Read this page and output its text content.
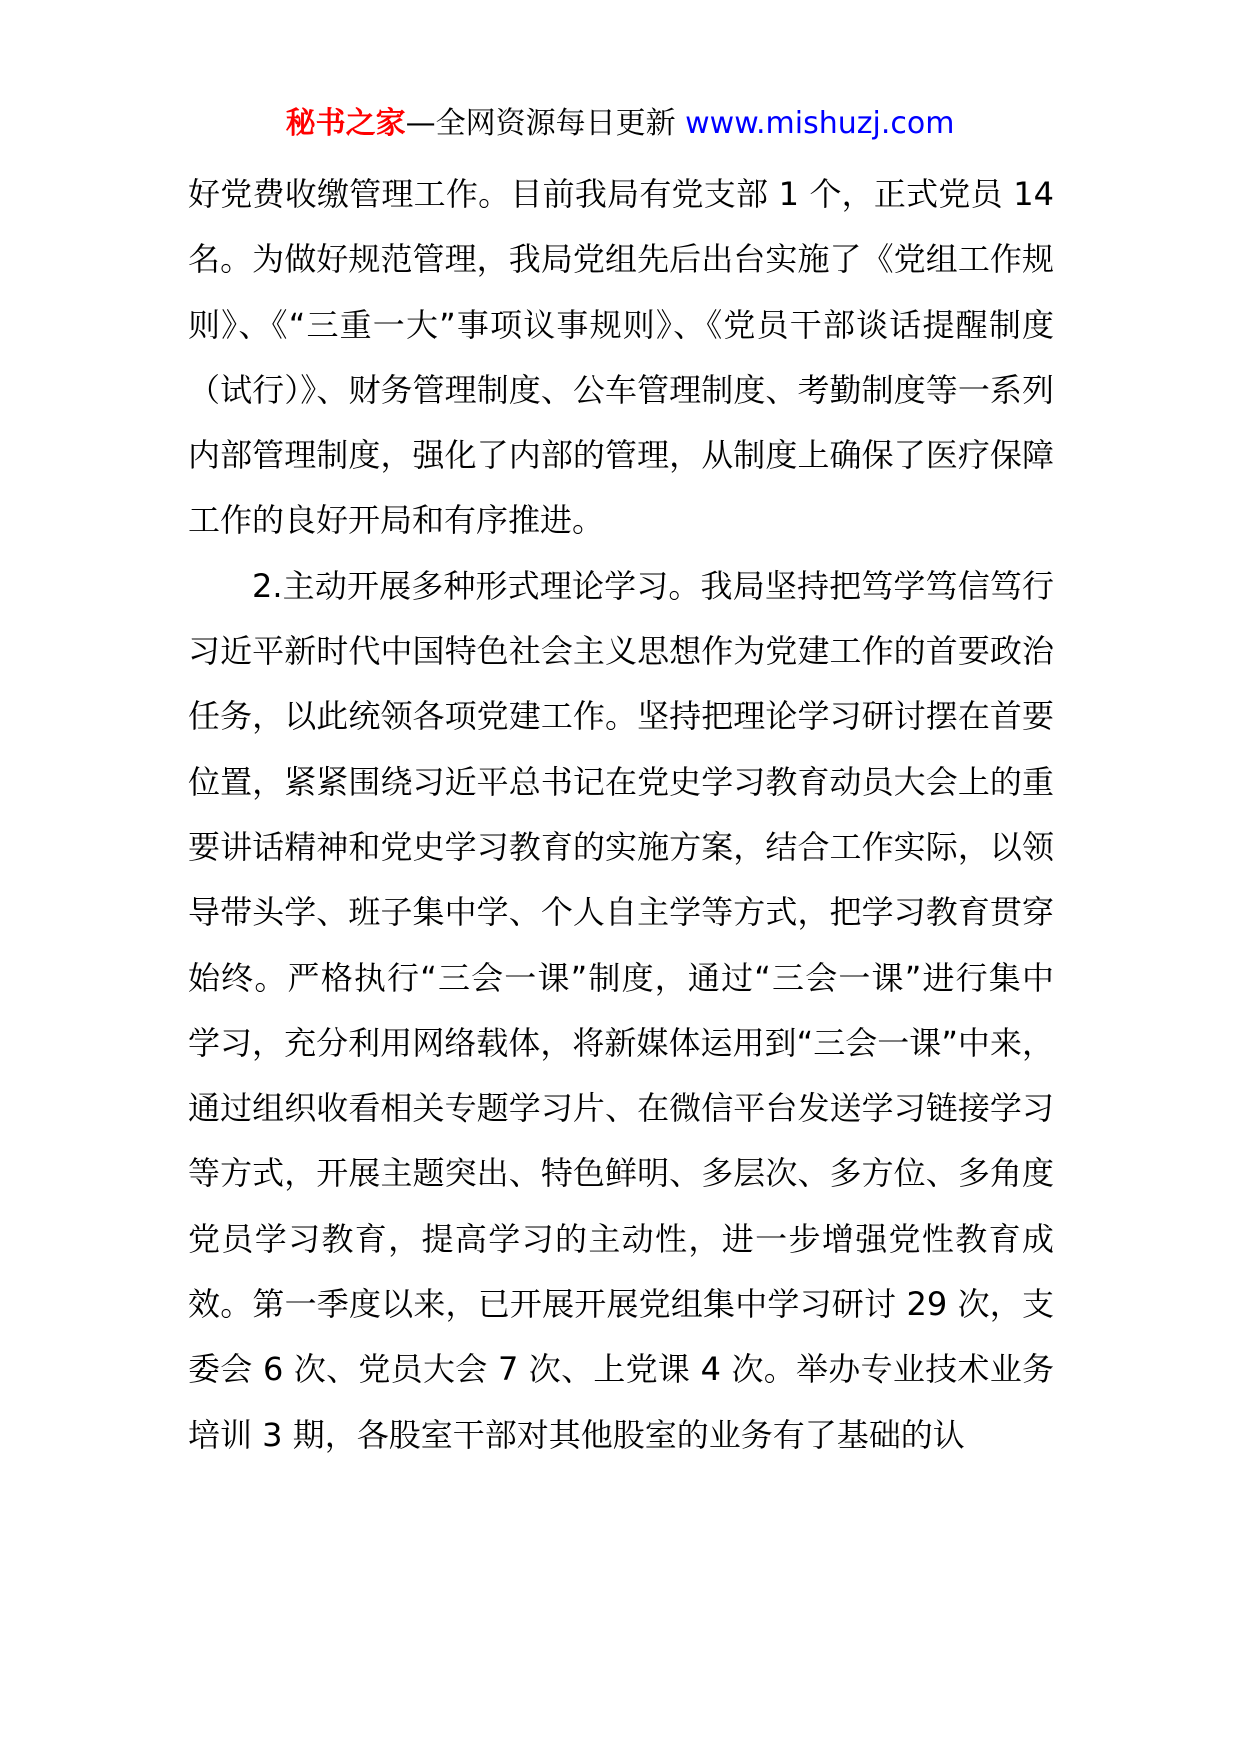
秘书之家—全网资源每日更新 www.mishuzj.com

好党费收缴管理工作。目前我局有党支部 1 个，正式党员 14 名。为做好规范管理，我局党组先后出台实施了《党组工作规则》、《“三重一大”事项议事规则》、《党员干部谈话提醒制度（试行）》、财务管理制度、公车管理制度、考勤制度等一系列内部管理制度，强化了内部的管理，从制度上确保了医疗保障工作的良好开局和有序推进。

2.主动开展多种形式理论学习。我局坚持把笃学笃信笃行习近平新时代中国特色社会主义思想作为党建工作的首要政治任务，以此统领各项党建工作。坚持把理论学习研讨摆在首要位置，紧紧围绕习近平总书记在党史学习教育动员大会上的重要讲话精神和党史学习教育的实施方案，结合工作实际，以领导带头学、班子集中学、个人自主学等方式，把学习教育贯穿始终。严格执行“三会一课”制度，通过“三会一课”进行集中学习，充分利用网络载体，将新媒体运用到“三会一课”中来，通过组织收看相关专题学习片、在微信平台发送学习链接学习等方式，开展主题突出、特色鲜明、多层次、多方位、多角度党员学习教育，提高学习的主动性，进一步增强党性教育成效。第一季度以来，已开展开展党组集中学习研讨 29 次，支委会 6 次、党员大会 7 次、上党课 4 次。举办专业技术业务培训 3 期，各股室干部对其他股室的业务有了基础的认
